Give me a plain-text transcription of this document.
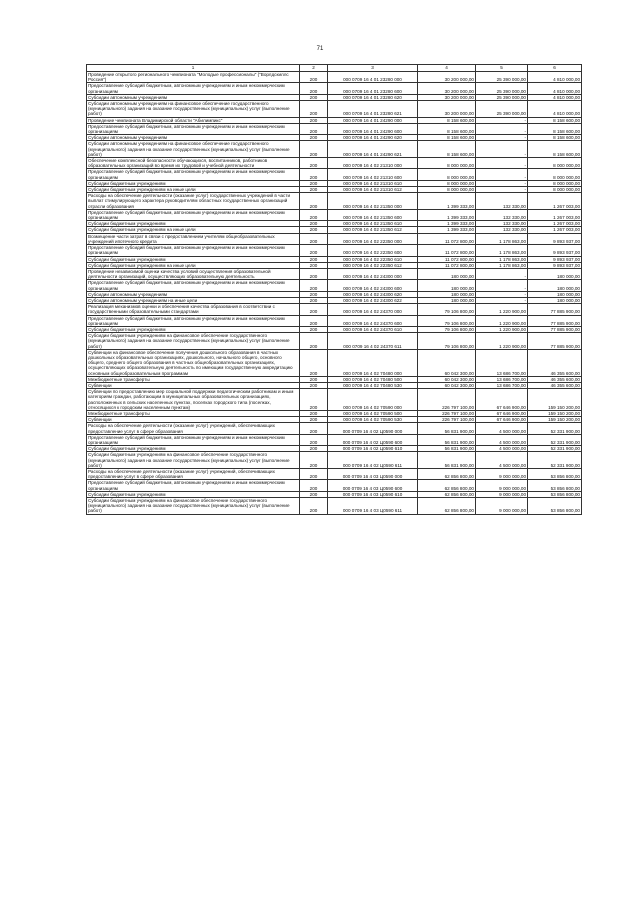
71
1	2	3	4	5	6
Проведение открытого регионального чемпионата "Молодые профессионалы" ("Ворлдскиллс Россия")	200	000 0709 16 4 01 23280 000	30 200 000,00	25 390 000,00	4 810 000,00
Предоставление субсидий бюджетным, автономным учреждениям и иным некоммерческим организациям	200	000 0709 16 4 01 23280 600	30 200 000,00	25 390 000,00	4 810 000,00
Субсидии автономным учреждениям	200	000 0709 16 4 01 23280 620	30 200 000,00	25 390 000,00	4 810 000,00
Субсидии автономным учреждениям на финансовое обеспечение государственного (муниципального) задания на оказание государственных (муниципальных) услуг (выполнение работ)	200	000 0709 16 4 01 23280 621	30 200 000,00	25 390 000,00	4 810 000,00
Проведение чемпионата Владимирской области "Абилимпикс"	200	000 0709 16 4 01 24290 000	8 158 600,00	-	8 158 600,00
Предоставление субсидий бюджетным, автономным учреждениям и иным некоммерческим организациям	200	000 0709 16 4 01 24290 600	8 158 600,00	-	8 158 600,00
Субсидии автономным учреждениям	200	000 0709 16 4 01 24290 620	8 158 600,00	-	8 158 600,00
Субсидии автономным учреждениям на финансовое обеспечение государственного (муниципального) задания на оказание государственных (муниципальных) услуг (выполнение работ)	200	000 0709 16 4 01 24290 621	8 158 600,00	-	8 158 600,00
Обеспечение комплексной безопасности обучающихся, воспитанников, работников образовательных организаций во время их трудовой и учебной деятельности	200	000 0709 16 4 02 21310 000	8 000 000,00	-	8 000 000,00
Предоставление субсидий бюджетным, автономным учреждениям и иным некоммерческим организациям	200	000 0709 16 4 02 21310 600	8 000 000,00	-	8 000 000,00
Субсидии бюджетным учреждениям	200	000 0709 16 4 02 21310 610	8 000 000,00	-	8 000 000,00
Субсидии бюджетным учреждениям на иные цели	200	000 0709 16 4 02 21310 612	8 000 000,00	-	8 000 000,00
Расходы на обеспечение деятельности (оказание услуг) государственных учреждений в части выплат стимулирующего характера руководителям областных государственных организаций отрасли образования	200	000 0709 16 4 02 21350 000	1 399 333,00	132 330,00	1 267 003,00
Предоставление субсидий бюджетным, автономным учреждениям и иным некоммерческим организациям	200	000 0709 16 4 02 21350 600	1 399 333,00	132 330,00	1 267 003,00
Субсидии бюджетным учреждениям	200	000 0709 16 4 02 21350 610	1 399 333,00	132 330,00	1 267 003,00
Субсидии бюджетным учреждениям на иные цели	200	000 0709 16 4 02 21350 612	1 399 333,00	132 330,00	1 267 003,00
Возмещение части затрат в связи с предоставлением учителям общеобразовательных учреждений ипотечного кредита	200	000 0709 16 4 02 22350 000	11 072 800,00	1 178 863,00	9 893 937,00
Предоставление субсидий бюджетным, автономным учреждениям и иным некоммерческим организациям	200	000 0709 16 4 02 22350 600	11 072 800,00	1 178 863,00	9 893 937,00
Субсидии бюджетным учреждениям	200	000 0709 16 4 02 22350 610	11 072 800,00	1 178 863,00	9 893 937,00
Субсидии бюджетным учреждениям на иные цели	200	000 0709 16 4 02 22350 612	11 072 800,00	1 178 863,00	9 893 937,00
Проведение независимой оценки качества условий осуществления образовательной деятельности организаций, осуществляющих образовательную деятельность	200	000 0709 16 4 02 24300 000	180 000,00	-	180 000,00
Предоставление субсидий бюджетным, автономным учреждениям и иным некоммерческим организациям	200	000 0709 16 4 02 24300 600	180 000,00	-	180 000,00
Субсидии автономным учреждениям	200	000 0709 16 4 02 24300 620	180 000,00	-	180 000,00
Субсидии автономным учреждениям на иные цели	200	000 0709 16 4 02 24300 622	180 000,00	-	180 000,00
Реализация механизмов оценки и обеспечения качества образования в соответствии с государственными образовательными стандартами	200	000 0709 16 4 02 24370 000	79 106 800,00	1 220 900,00	77 885 900,00
Предоставление субсидий бюджетным, автономным учреждениям и иным некоммерческим организациям	200	000 0709 16 4 02 24370 600	79 106 800,00	1 220 900,00	77 885 900,00
Субсидии бюджетным учреждениям	200	000 0709 16 4 02 24370 610	79 106 800,00	1 220 900,00	77 885 900,00
Субсидии бюджетным учреждениям на финансовое обеспечение государственного (муниципального) задания на оказание государственных (муниципальных) услуг (выполнение работ)	200	000 0709 16 4 02 24370 611	79 106 800,00	1 220 900,00	77 885 900,00
Субвенции на финансовое обеспечение получения дошкольного образования в частных дошкольных образовательных организациях, дошкольного, начального общего, основного общего, среднего общего образования в частных общеобразовательных организациях, осуществляющих образовательную деятельность по имеющим государственную аккредитацию основным общеобразовательным программам	200	000 0709 16 4 02 70480 000	60 042 300,00	13 686 700,00	46 355 600,00
Межбюджетные трансферты	200	000 0709 16 4 02 70480 500	60 042 300,00	13 686 700,00	46 355 600,00
Субвенции	200	000 0709 16 4 02 70480 530	60 042 300,00	13 686 700,00	46 355 600,00
Субвенции по предоставлению мер социальной поддержки педагогическим работникам и иным категориям граждан, работающим в муниципальных образовательных организациях, расположенных в сельских населенных пунктах, поселках городского типа (поселках, относящихся к городским населенным пунктам)	200	000 0709 16 4 02 70590 000	226 797 100,00	67 646 900,00	159 150 200,00
Межбюджетные трансферты	200	000 0709 16 4 02 70590 500	226 797 100,00	67 646 900,00	159 150 200,00
Субвенции	200	000 0709 16 4 02 70590 530	226 797 100,00	67 646 900,00	159 150 200,00
Расходы на обеспечение деятельности (оказание услуг) учреждений, обеспечивающих предоставление услуг в сфере образования	200	000 0709 16 4 02 Ц0590 000	56 831 900,00	4 500 000,00	52 331 900,00
Предоставление субсидий бюджетным, автономным учреждениям и иным некоммерческим организациям	200	000 0709 16 4 02 Ц0590 600	56 831 900,00	4 500 000,00	52 331 900,00
Субсидии бюджетным учреждениям	200	000 0709 16 4 02 Ц0590 610	56 831 900,00	4 500 000,00	52 331 900,00
Субсидии бюджетным учреждениям на финансовое обеспечение государственного (муниципального) задания на оказание государственных (муниципальных) услуг (выполнение работ)	200	000 0709 16 4 02 Ц0590 611	56 831 900,00	4 500 000,00	52 331 900,00
Расходы на обеспечение деятельности (оказание услуг) учреждений, обеспечивающих предоставление услуг в сфере образования	200	000 0709 16 4 03 Ц0590 000	62 856 800,00	9 000 000,00	53 856 800,00
Предоставление субсидий бюджетным, автономным учреждениям и иным некоммерческим организациям	200	000 0709 16 4 03 Ц0590 600	62 856 800,00	9 000 000,00	53 856 800,00
Субсидии бюджетным учреждениям	200	000 0709 16 4 03 Ц0590 610	62 856 800,00	9 000 000,00	53 856 800,00
Субсидии бюджетным учреждениям на финансовое обеспечение государственного (муниципального) задания на оказание государственных (муниципальных) услуг (выполнение работ)	200	000 0709 16 4 03 Ц0590 611	62 856 800,00	9 000 000,00	53 856 800,00
